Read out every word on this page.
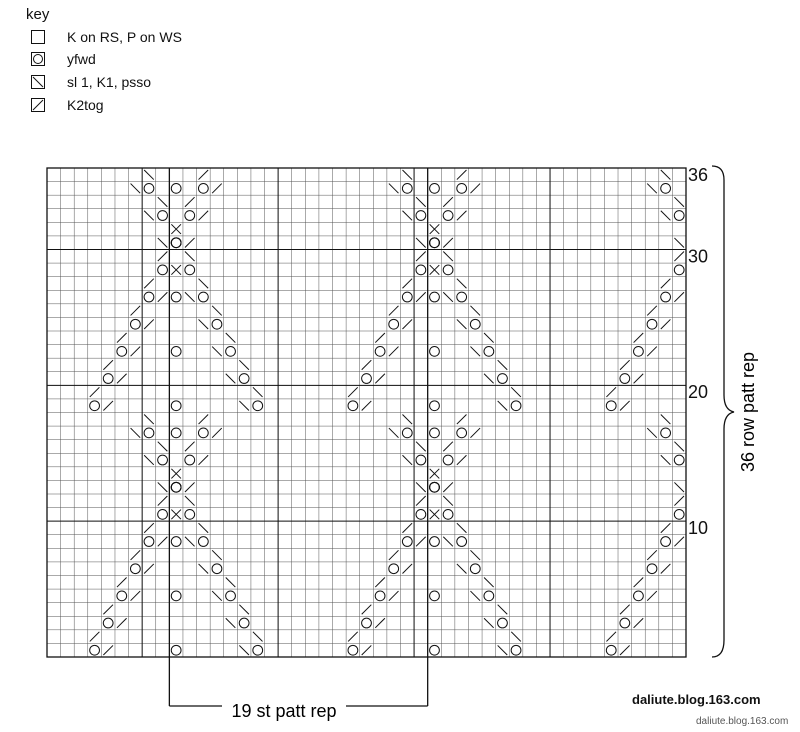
key
K on RS, P on WS
yfwd
sl 1, K1, psso
K2tog
36
30
20
10
19 st patt rep
36 row patt rep
daliute.blog.163.com
daliute.blog.163.com
